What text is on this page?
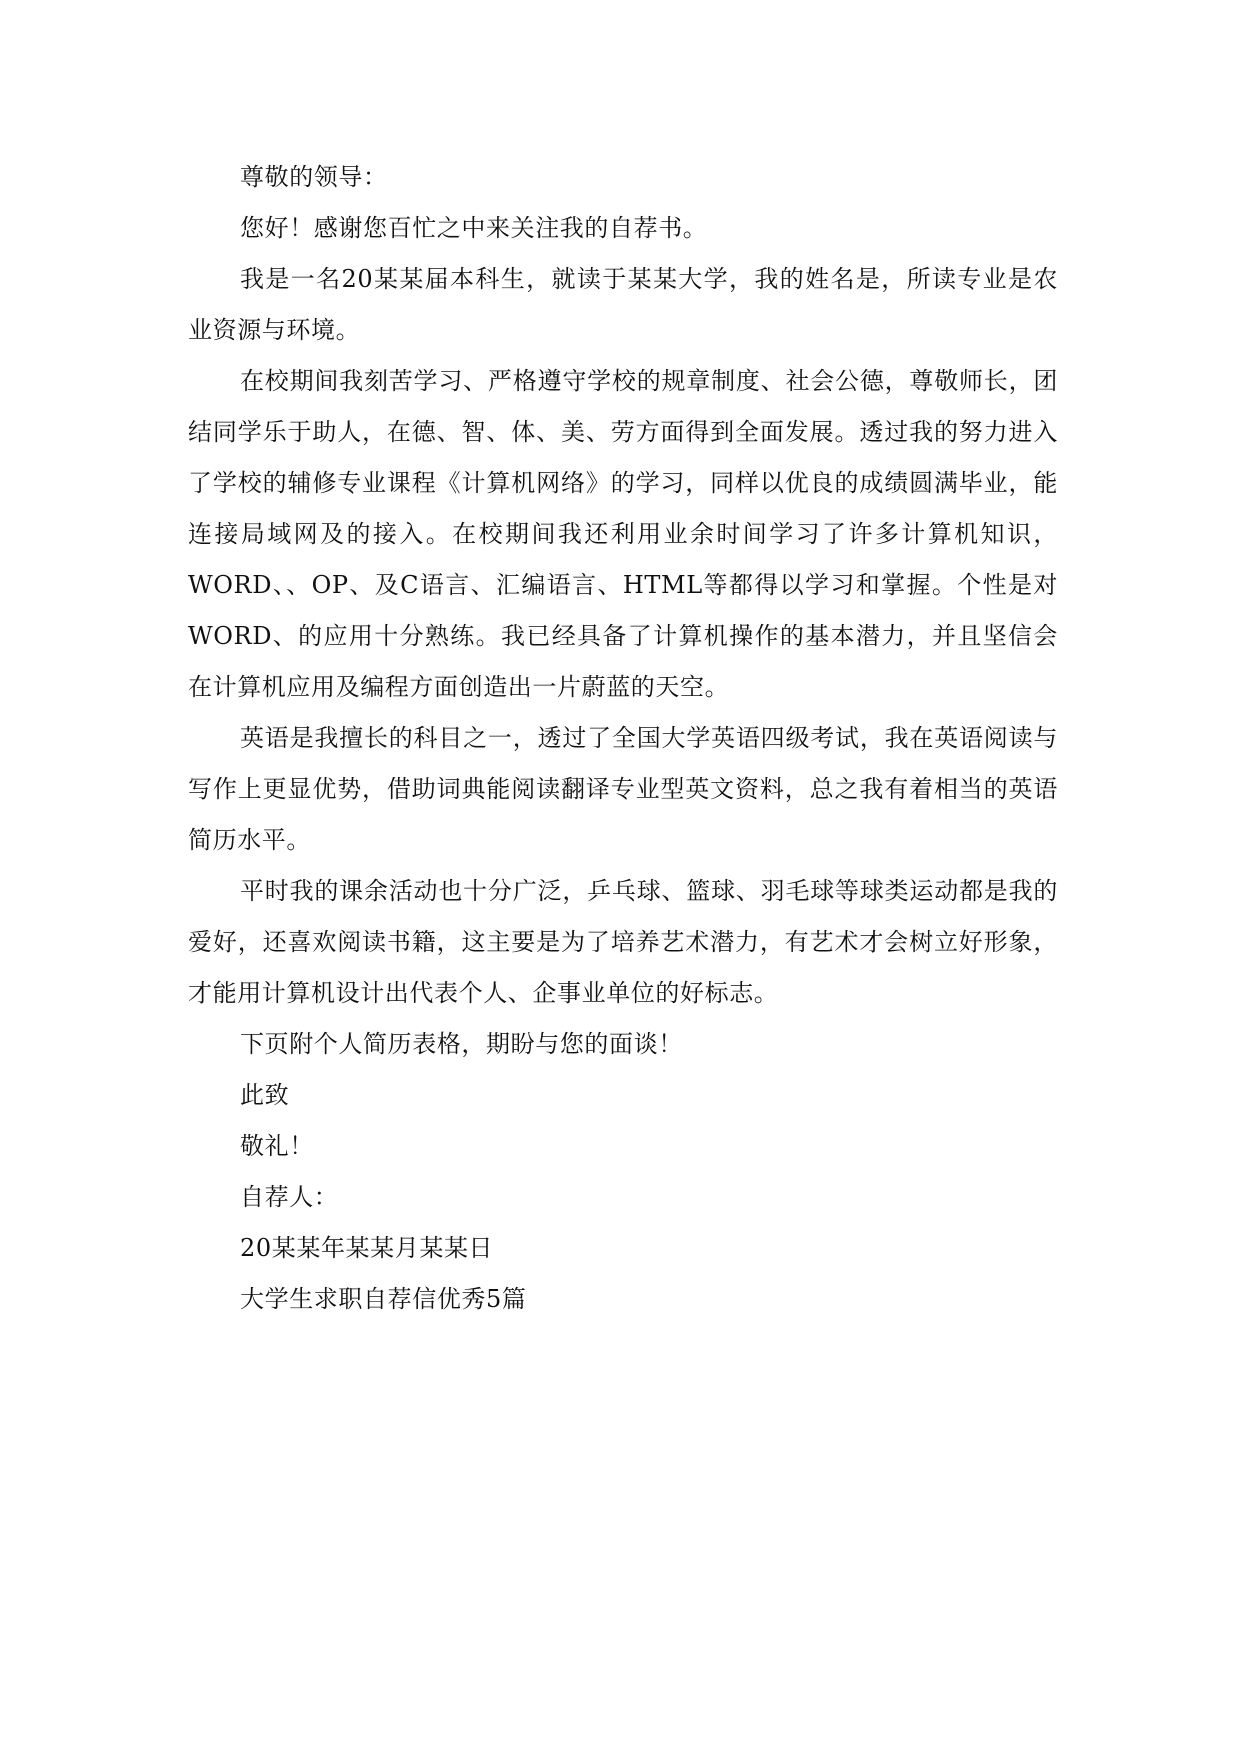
尊敬的领导：

您好！感谢您百忙之中来关注我的自荐书。

我是一名20某某届本科生，就读于某某大学，我的姓名是，所读专业是农业资源与环境。

在校期间我刻苦学习、严格遵守学校的规章制度、社会公德，尊敬师长，团结同学乐于助人，在德、智、体、美、劳方面得到全面发展。透过我的努力进入了学校的辅修专业课程《计算机网络》的学习，同样以优良的成绩圆满毕业，能连接局域网及的接入。在校期间我还利用业余时间学习了许多计算机知识，WORD、、OP、及C语言、汇编语言、HTML等都得以学习和掌握。个性是对WORD、的应用十分熟练。我已经具备了计算机操作的基本潜力，并且坚信会在计算机应用及编程方面创造出一片蔚蓝的天空。

英语是我擅长的科目之一，透过了全国大学英语四级考试，我在英语阅读与写作上更显优势，借助词典能阅读翻译专业型英文资料，总之我有着相当的英语简历水平。

平时我的课余活动也十分广泛，乒乓球、篮球、羽毛球等球类运动都是我的爱好，还喜欢阅读书籍，这主要是为了培养艺术潜力，有艺术才会树立好形象，才能用计算机设计出代表个人、企事业单位的好标志。

下页附个人简历表格，期盼与您的面谈！

此致

敬礼！

自荐人：

20某某年某某月某某日

大学生求职自荐信优秀5篇
